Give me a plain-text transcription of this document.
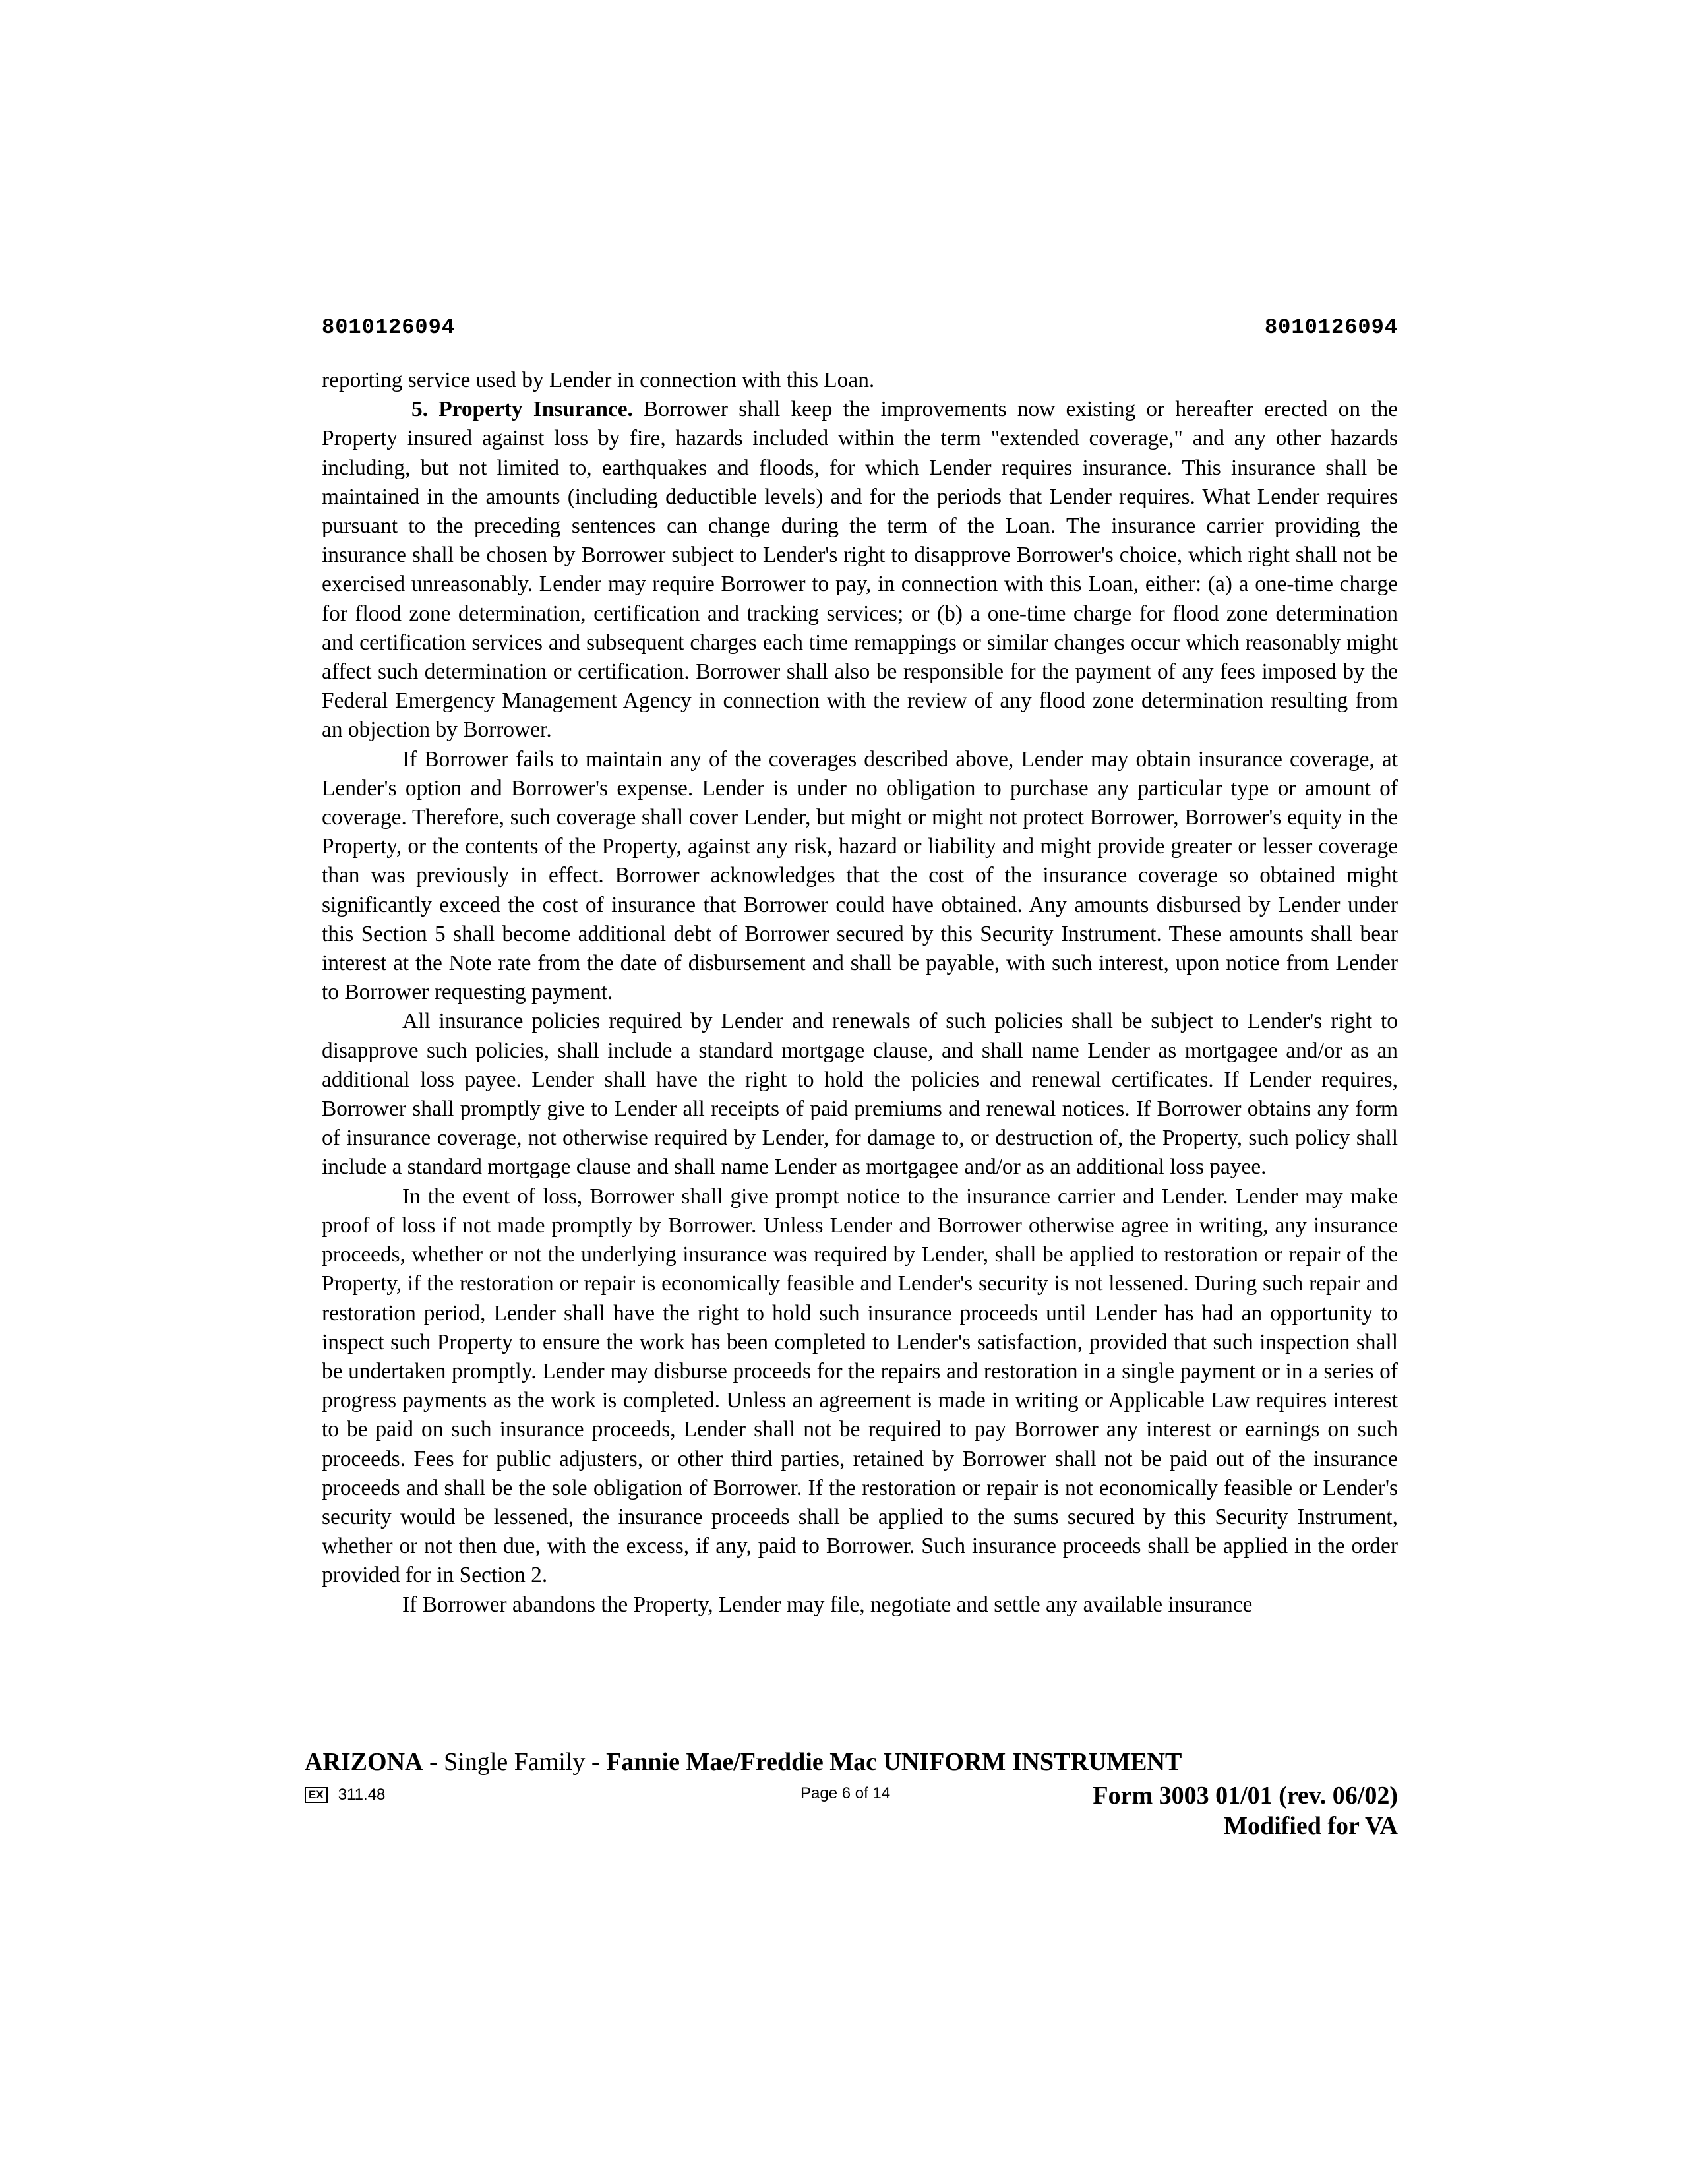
8010126094	8010126094

reporting service used by Lender in connection with this Loan.

5. Property Insurance. Borrower shall keep the improvements now existing or hereafter erected on the Property insured against loss by fire, hazards included within the term "extended coverage," and any other hazards including, but not limited to, earthquakes and floods, for which Lender requires insurance. This insurance shall be maintained in the amounts (including deductible levels) and for the periods that Lender requires. What Lender requires pursuant to the preceding sentences can change during the term of the Loan. The insurance carrier providing the insurance shall be chosen by Borrower subject to Lender's right to disapprove Borrower's choice, which right shall not be exercised unreasonably. Lender may require Borrower to pay, in connection with this Loan, either: (a) a one-time charge for flood zone determination, certification and tracking services; or (b) a one-time charge for flood zone determination and certification services and subsequent charges each time remappings or similar changes occur which reasonably might affect such determination or certification. Borrower shall also be responsible for the payment of any fees imposed by the Federal Emergency Management Agency in connection with the review of any flood zone determination resulting from an objection by Borrower.

If Borrower fails to maintain any of the coverages described above, Lender may obtain insurance coverage, at Lender's option and Borrower's expense. Lender is under no obligation to purchase any particular type or amount of coverage. Therefore, such coverage shall cover Lender, but might or might not protect Borrower, Borrower's equity in the Property, or the contents of the Property, against any risk, hazard or liability and might provide greater or lesser coverage than was previously in effect. Borrower acknowledges that the cost of the insurance coverage so obtained might significantly exceed the cost of insurance that Borrower could have obtained. Any amounts disbursed by Lender under this Section 5 shall become additional debt of Borrower secured by this Security Instrument. These amounts shall bear interest at the Note rate from the date of disbursement and shall be payable, with such interest, upon notice from Lender to Borrower requesting payment.

All insurance policies required by Lender and renewals of such policies shall be subject to Lender's right to disapprove such policies, shall include a standard mortgage clause, and shall name Lender as mortgagee and/or as an additional loss payee. Lender shall have the right to hold the policies and renewal certificates. If Lender requires, Borrower shall promptly give to Lender all receipts of paid premiums and renewal notices. If Borrower obtains any form of insurance coverage, not otherwise required by Lender, for damage to, or destruction of, the Property, such policy shall include a standard mortgage clause and shall name Lender as mortgagee and/or as an additional loss payee.

In the event of loss, Borrower shall give prompt notice to the insurance carrier and Lender. Lender may make proof of loss if not made promptly by Borrower. Unless Lender and Borrower otherwise agree in writing, any insurance proceeds, whether or not the underlying insurance was required by Lender, shall be applied to restoration or repair of the Property, if the restoration or repair is economically feasible and Lender's security is not lessened. During such repair and restoration period, Lender shall have the right to hold such insurance proceeds until Lender has had an opportunity to inspect such Property to ensure the work has been completed to Lender's satisfaction, provided that such inspection shall be undertaken promptly. Lender may disburse proceeds for the repairs and restoration in a single payment or in a series of progress payments as the work is completed. Unless an agreement is made in writing or Applicable Law requires interest to be paid on such insurance proceeds, Lender shall not be required to pay Borrower any interest or earnings on such proceeds. Fees for public adjusters, or other third parties, retained by Borrower shall not be paid out of the insurance proceeds and shall be the sole obligation of Borrower. If the restoration or repair is not economically feasible or Lender's security would be lessened, the insurance proceeds shall be applied to the sums secured by this Security Instrument, whether or not then due, with the excess, if any, paid to Borrower. Such insurance proceeds shall be applied in the order provided for in Section 2.

If Borrower abandons the Property, Lender may file, negotiate and settle any available insurance

ARIZONA - Single Family - Fannie Mae/Freddie Mac UNIFORM INSTRUMENT
EX 311.48	Page 6 of 14	Form 3003 01/01 (rev. 06/02)
Modified for VA
